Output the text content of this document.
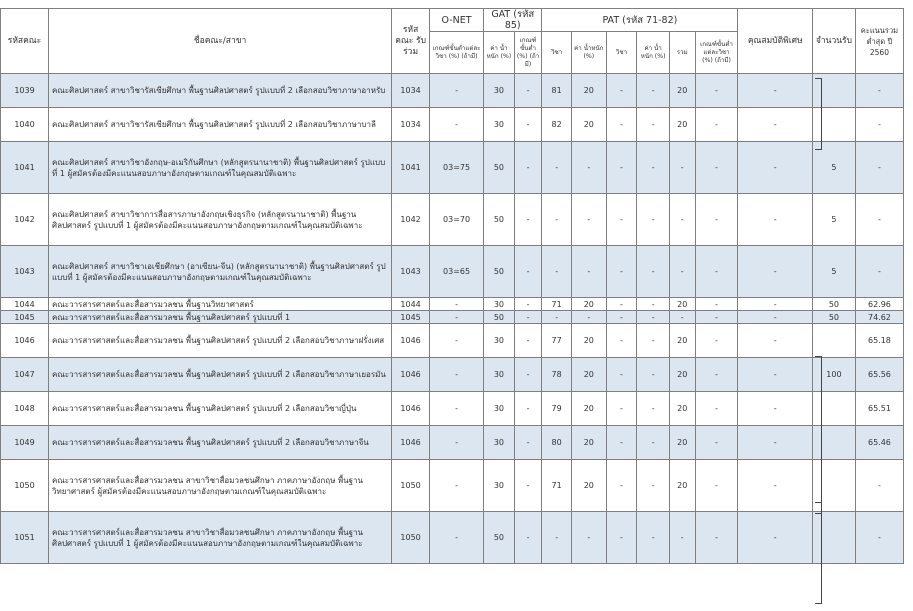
รหัสคณะ	ชื่อคณะ/สาขา	รหัสคณะ รับร่วม	O-NET	GAT (รหัส 85)		PAT (รหัส 71-82)						คุณสมบัติพิเศษ	จำนวนรับ	คะแนนรวม ต่ำสุด ปี 2560
			เกณฑ์ขั้นต่ำแต่ละวิชา (%) (ถ้ามี)	ค่า น้ำหนัก (%)	เกณฑ์ ขั้นต่ำ (%) (ถ้า มี)	วิชา	ค่า น้ำหนัก (%)	วิชา	ค่า น้ำหนัก (%)	รวม	เกณฑ์ขั้นต่ำ แต่ละวิชา (%) (ถ้ามี)			
1039	คณะศิลปศาสตร์ สาขาวิชารัสเซียศึกษา พื้นฐานศิลปศาสตร์ รูปแบบที่ 2 เลือกสอบวิชาภาษาอาหรับ	1034	-	30	-	81	20	-	-	20	-	-		-
1040	คณะศิลปศาสตร์ สาขาวิชารัสเซียศึกษา พื้นฐานศิลปศาสตร์ รูปแบบที่ 2 เลือกสอบวิชาภาษาบาลี	1034	-	30	-	82	20	-	-	20	-	-		-
1041	คณะศิลปศาสตร์ สาขาวิชาอังกฤษ-อเมริกันศึกษา (หลักสูตรนานาชาติ) พื้นฐานศิลปศาสตร์ รูปแบบที่ 1 ผู้สมัครต้องมีคะแนนสอบภาษาอังกฤษตามเกณฑ์ในคุณสมบัติเฉพาะ	1041	03=75	50	-	-	-	-	-	-	-	-	5	-
1042	คณะศิลปศาสตร์ สาขาวิชาการสื่อสารภาษาอังกฤษเชิงธุรกิจ (หลักสูตรนานาชาติ) พื้นฐานศิลปศาสตร์ รูปแบบที่ 1 ผู้สมัครต้องมีคะแนนสอบภาษาอังกฤษตามเกณฑ์ในคุณสมบัติเฉพาะ	1042	03=70	50	-	-	-	-	-	-	-	-	5	-
1043	คณะศิลปศาสตร์ สาขาวิชาเอเชียศึกษา (อาเซียน-จีน) (หลักสูตรนานาชาติ) พื้นฐานศิลปศาสตร์ รูปแบบที่ 1 ผู้สมัครต้องมีคะแนนสอบภาษาอังกฤษตามเกณฑ์ในคุณสมบัติเฉพาะ	1043	03=65	50	-	-	-	-	-	-	-	-	5	-
1044	คณะวารสารศาสตร์และสื่อสารมวลชน พื้นฐานวิทยาศาสตร์	1044	-	30	-	71	20	-	-	20	-	-	50	62.96
1045	คณะวารสารศาสตร์และสื่อสารมวลชน พื้นฐานศิลปศาสตร์ รูปแบบที่ 1	1045	-	50	-	-	-	-	-	-	-	-	50	74.62
1046	คณะวารสารศาสตร์และสื่อสารมวลชน พื้นฐานศิลปศาสตร์ รูปแบบที่ 2 เลือกสอบวิชาภาษาฝรั่งเศส	1046	-	30	-	77	20	-	-	20	-	-		65.18
1047	คณะวารสารศาสตร์และสื่อสารมวลชน พื้นฐานศิลปศาสตร์ รูปแบบที่ 2 เลือกสอบวิชาภาษาเยอรมัน	1046	-	30	-	78	20	-	-	20	-	-	100	65.56
1048	คณะวารสารศาสตร์และสื่อสารมวลชน พื้นฐานศิลปศาสตร์ รูปแบบที่ 2 เลือกสอบวิชาญี่ปุ่น	1046	-	30	-	79	20	-	-	20	-	-		65.51
1049	คณะวารสารศาสตร์และสื่อสารมวลชน พื้นฐานศิลปศาสตร์ รูปแบบที่ 2 เลือกสอบวิชาภาษาจีน	1046	-	30	-	80	20	-	-	20	-	-		65.46
1050	คณะวารสารศาสตร์และสื่อสารมวลชน สาขาวิชาสื่อมวลชนศึกษา ภาคภาษาอังกฤษ พื้นฐานวิทยาศาสตร์ ผู้สมัครต้องมีคะแนนสอบภาษาอังกฤษตามเกณฑ์ในคุณสมบัติเฉพาะ	1050	-	30	-	71	20	-	-	20	-	-		-
1051	คณะวารสารศาสตร์และสื่อสารมวลชน สาขาวิชาสื่อมวลชนศึกษา ภาคภาษาอังกฤษ พื้นฐานศิลปศาสตร์ รูปแบบที่ 1 ผู้สมัครต้องมีคะแนนสอบภาษาอังกฤษตามเกณฑ์ในคุณสมบัติเฉพาะ	1050	-	50	-	-	-	-	-	-	-	-		-
